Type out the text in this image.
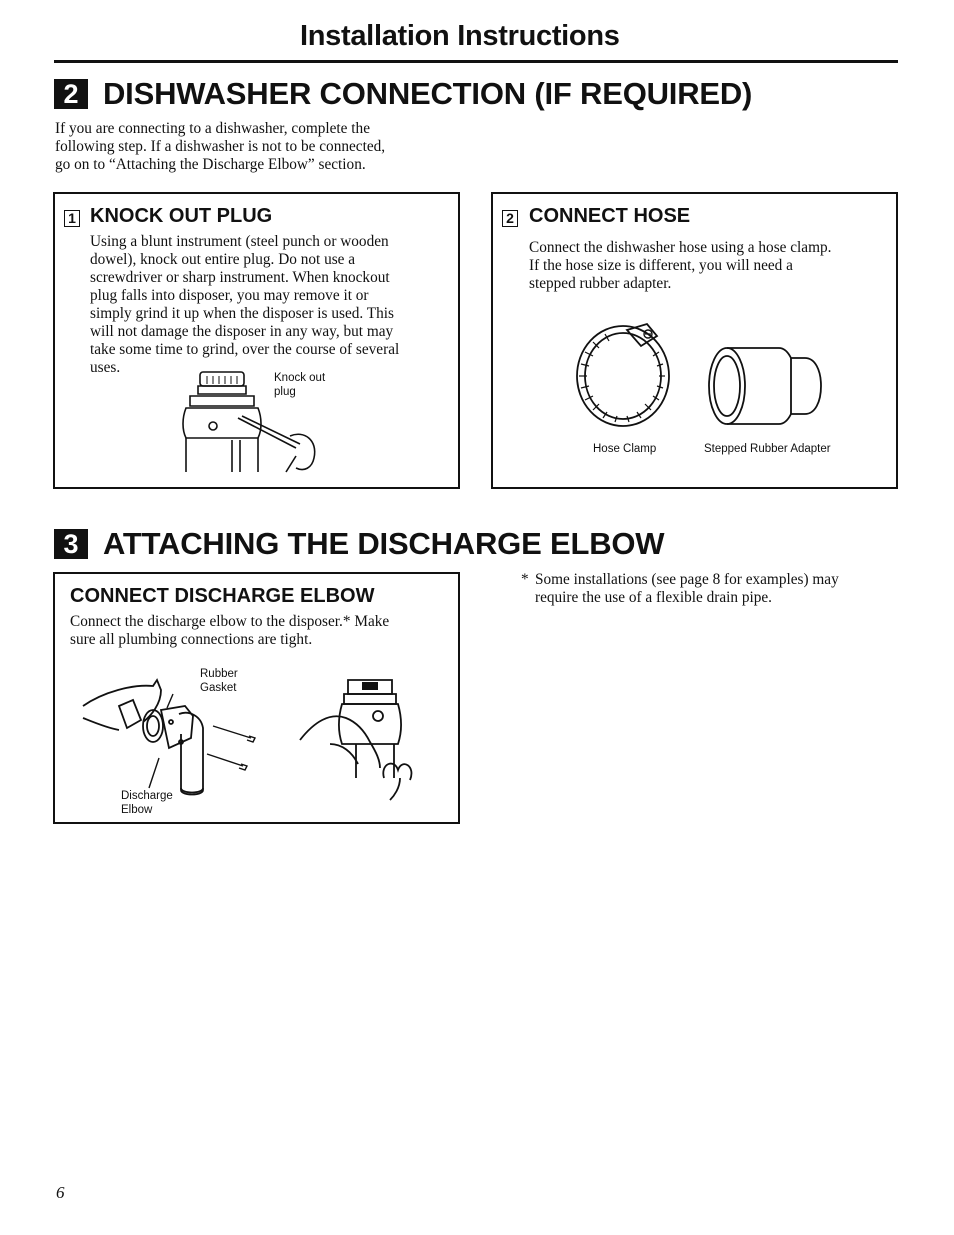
Installation Instructions
2 DISHWASHER CONNECTION (IF REQUIRED)
If you are connecting to a dishwasher, complete the
following step. If a dishwasher is not to be connected,
go on to “Attaching the Discharge Elbow” section.
1 KNOCK OUT PLUG
Using a blunt instrument (steel punch or wooden
dowel), knock out entire plug. Do not use a
screwdriver or sharp instrument. When knockout
plug falls into disposer, you may remove it or
simply grind it up when the disposer is used. This
will not damage the disposer in any way, but may
take some time to grind, over the course of several
uses.
Knock out
plug
2 CONNECT HOSE
Connect the dishwasher hose using a hose clamp.
If the hose size is different, you will need a
stepped rubber adapter.
Hose Clamp	Stepped Rubber Adapter
3 ATTACHING THE DISCHARGE ELBOW
CONNECT DISCHARGE ELBOW
Connect the discharge elbow to the disposer.* Make
sure all plumbing connections are tight.
Rubber
Gasket
Discharge
Elbow
* Some installations (see page 8 for examples) may
require the use of a flexible drain pipe.
6
